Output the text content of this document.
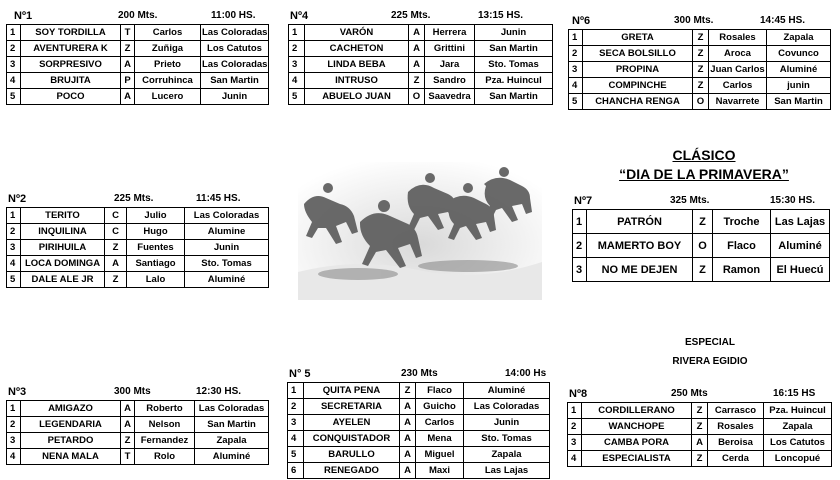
Nº1	200 Mts.	11:00 HS.
1	SOY TORDILLA	T	Carlos	Las Coloradas
2	AVENTURERA K	Z	Zuñiga	Los Catutos
3	SORPRESIVO	A	Prieto	Las Coloradas
4	BRUJITA	P	Corruhinca	San Martin
5	POCO	A	Lucero	Junin
Nº4	225 Mts.	13:15 HS.
1	VARÓN	A	Herrera	Junin
2	CACHETON	A	Grittini	San Martin
3	LINDA BEBA	A	Jara	Sto. Tomas
4	INTRUSO	Z	Sandro	Pza. Huincul
5	ABUELO JUAN	O	Saavedra	San Martin
Nº6	300 Mts.	14:45 HS.
1	GRETA	Z	Rosales	Zapala
2	SECA BOLSILLO	Z	Aroca	Covunco
3	PROPINA	Z	Juan Carlos	Aluminé
4	COMPINCHE	Z	Carlos	junin
5	CHANCHA RENGA	O	Navarrete	San Martin
Nº2	225 Mts.	11:45 HS.
1	TERITO	C	Julio	Las Coloradas
2	INQUILINA	C	Hugo	Alumine
3	PIRIHUILA	Z	Fuentes	Junin
4	LOCA DOMINGA	A	Santiago	Sto. Tomas
5	DALE ALE JR	Z	Lalo	Aluminé
Nº7	325 Mts.	15:30 HS.
1	PATRÓN	Z	Troche	Las Lajas
2	MAMERTO BOY	O	Flaco	Aluminé
3	NO ME DEJEN	Z	Ramon	El Huecú
Nº3	300 Mts	12:30 HS.
1	AMIGAZO	A	Roberto	Las Coloradas
2	LEGENDARIA	A	Nelson	San Martin
3	PETARDO	Z	Fernandez	Zapala
4	NENA MALA	T	Rolo	Aluminé
N° 5	230 Mts	14:00 Hs
1	QUITA PENA	Z	Flaco	Aluminé
2	SECRETARIA	A	Guicho	Las Coloradas
3	AYELEN	A	Carlos	Junin
4	CONQUISTADOR	A	Mena	Sto. Tomas
5	BARULLO	A	Miguel	Zapala
6	RENEGADO	A	Maxi	Las Lajas
Nº8	250 Mts	16:15 HS
1	CORDILLERANO	Z	Carrasco	Pza. Huincul
2	WANCHOPE	Z	Rosales	Zapala
3	CAMBA PORA	A	Beroisa	Los Catutos
4	ESPECIALISTA	Z	Cerda	Loncopué
CLÁSICO
“DIA DE LA PRIMAVERA”
ESPECIAL
RIVERA EGIDIO
